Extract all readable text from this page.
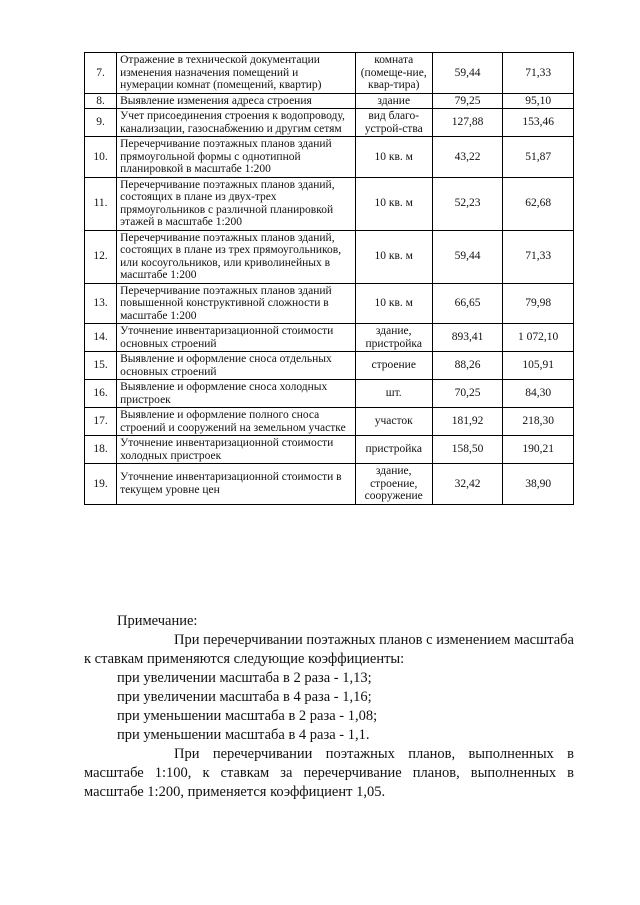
7.	Отражение в технической документации изменения назначения помещений и нумерации комнат (помещений, квартир)	комната (помеще-ние, квар-тира)	59,44	71,33
8.	Выявление изменения адреса строения	здание	79,25	95,10
9.	Учет присоединения строения к водопроводу, канализации, газоснабжению и другим сетям	вид благо-устрой-ства	127,88	153,46
10.	Перечерчивание поэтажных планов зданий прямоугольной формы с однотипной планировкой в масштабе 1:200	10 кв. м	43,22	51,87
11.	Перечерчивание поэтажных планов зданий, состоящих в плане из двух-трех прямоугольников с различной планировкой этажей в масштабе 1:200	10 кв. м	52,23	62,68
12.	Перечерчивание поэтажных планов зданий, состоящих в плане из трех прямоугольников, или косоугольников, или криволинейных в масштабе 1:200	10 кв. м	59,44	71,33
13.	Перечерчивание поэтажных планов зданий повышенной конструктивной сложности в масштабе 1:200	10 кв. м	66,65	79,98
14.	Уточнение инвентаризационной стоимости основных строений	здание, пристройка	893,41	1 072,10
15.	Выявление и оформление сноса отдельных основных строений	строение	88,26	105,91
16.	Выявление и оформление сноса холодных пристроек	шт.	70,25	84,30
17.	Выявление и оформление полного сноса строений и сооружений на земельном участке	участок	181,92	218,30
18.	Уточнение инвентаризационной стоимости холодных пристроек	пристройка	158,50	190,21
19.	Уточнение инвентаризационной стоимости в текущем уровне цен	здание, строение, сооружение	32,42	38,90

Примечание:

При перечерчивании поэтажных планов с изменением масштаба к ставкам применяются следующие коэффициенты:

при увеличении масштаба в 2 раза - 1,13;

при увеличении масштаба в 4 раза - 1,16;

при уменьшении масштаба в 2 раза - 1,08;

при уменьшении масштаба в 4 раза - 1,1.

При перечерчивании поэтажных планов, выполненных в масштабе 1:100, к ставкам за перечерчивание планов, выполненных в масштабе 1:200, применяется коэффициент 1,05.
